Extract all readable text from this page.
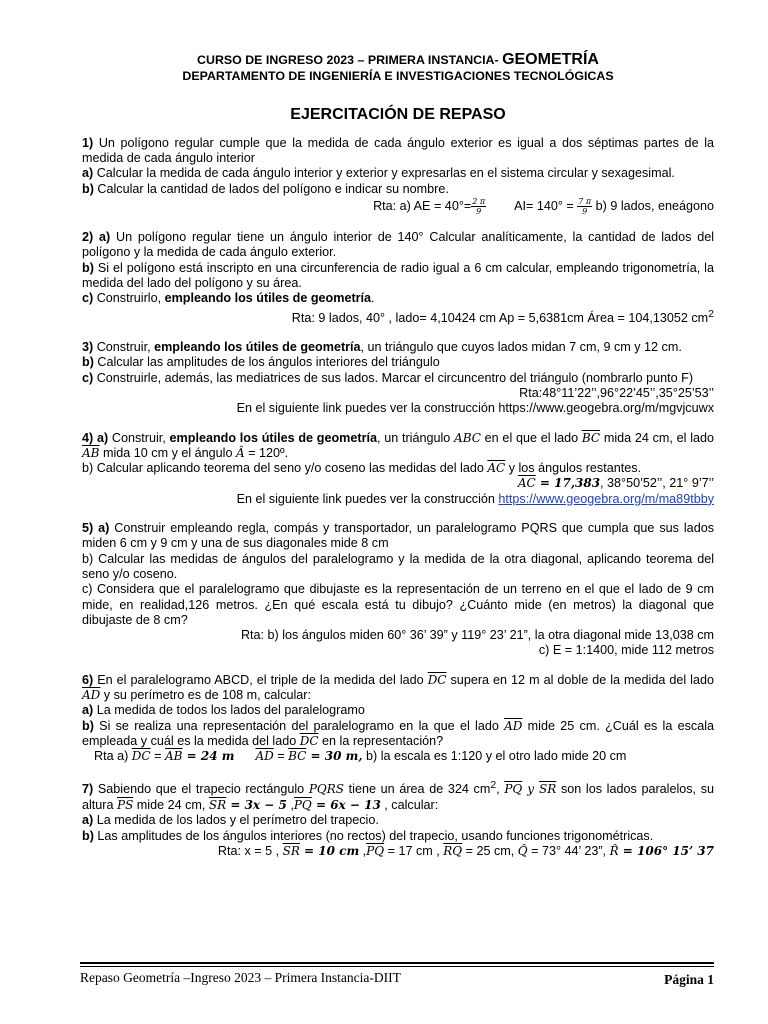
CURSO DE INGRESO 2023 – PRIMERA INSTANCIA- GEOMETRÍA
DEPARTAMENTO DE INGENIERÍA E INVESTIGACIONES TECNOLÓGICAS
EJERCITACIÓN DE REPASO

1) Un polígono regular cumple que la medida de cada ángulo exterior es igual a dos séptimas partes de la medida de cada ángulo interior

a) Calcular la medida de cada ángulo interior y exterior y expresarlas en el sistema circular y sexagesimal.

b) Calcular la cantidad de lados del polígono e indicar su nombre.

Rta: a) AE = $40^\circ= \frac{2 \pi}{9} AI= 140^\circ = \frac{7 \pi}{9} b$) 9 lados, eneágono

2) a) Un polígono regular tiene un ángulo interior de 140° Calcular analíticamente, la cantidad de lados del polígono y la medida de cada ángulo exterior.

b) Si el polígono está inscripto en una circunferencia de radio igual a 6 cm calcular, empleando trigonometría, la medida del lado del polígono y su área.

c) Construirlo, empleando los útiles de geometría.

Rta: 9 lados, 40° , lado= 4,10424 cm Ap = 5,6381cm Área = 104,13052 $cm^2$

3) Construir, empleando los útiles de geometría, un triángulo que cuyos lados midan 7 cm, 9 cm y 12 cm.

b) Calcular las amplitudes de los ángulos interiores del triángulo

c) Construirle, además, las mediatrices de sus lados. Marcar el circuncentro del triángulo (nombrarlo punto F)

Rta:48°11’22’’,96°22’45’’,35°25’53’’

En el siguiente link puedes ver la construcción https://www.geogebra.org/m/mgvjcuwx

4) a) Construir, empleando los útiles de geometría, un triángulo ABC en el que el lado $\overline{BC}$ mida 24 cm, el lado $\overline{AB}$ mida 10 cm y el ángulo Â = 120º.

b) Calcular aplicando teorema del seno y/o coseno las medidas del lado $\overline{AC}$ y los ángulos restantes.

$\overline{AC} = 17,383$, 38°50’52’’, 21° 9’7’’

En el siguiente link puedes ver la construcción https://www.geogebra.org/m/ma89tbby

5) a) Construir empleando regla, compás y transportador, un paralelogramo PQRS que cumpla que sus lados miden 6 cm y 9 cm y una de sus diagonales mide 8 cm

b) Calcular las medidas de ángulos del paralelogramo y la medida de la otra diagonal, aplicando teorema del seno y/o coseno.

c) Considera que el paralelogramo que dibujaste es la representación de un terreno en el que el lado de 9 cm mide, en realidad,126 metros. ¿En qué escala está tu dibujo? ¿Cuánto mide (en metros) la diagonal que dibujaste de 8 cm?

Rta: b) los ángulos miden 60° 36’ 39” y 119° 23’ 21”, la otra diagonal mide 13,038 cm

c) E = 1:1400, mide 112 metros

6) En el paralelogramo ABCD, el triple de la medida del lado $\overline{DC}$ supera en 12 m al doble de la medida del lado $\overline{AD}$ y su perímetro es de 108 m, calcular:

a) La medida de todos los lados del paralelogramo

b) Si se realiza una representación del paralelogramo en la que el lado $\overline{AD}$ mide 25 cm. ¿Cuál es la escala empleada y cuál es la medida del lado $\overline{DC}$ en la representación?

Rta a) $\overline{DC} = \overline{AB} = 24$ m $\overline{AD} = \overline{BC} = 30$ m, b) la escala es 1:120 y el otro lado mide 20 cm

7) Sabiendo que el trapecio rectángulo PQRS tiene un área de 324 $cm^2$, $\overline{PQ}$ y $\overline{SR}$ son los lados paralelos, su altura $\overline{PS}$ mide 24 cm, $\overline{SR} = 3x - 5$ $,\overline{PQ} = 6x - 13$ , calcular:

a) La medida de los lados y el perímetro del trapecio.

b) Las amplitudes de los ángulos interiores (no rectos) del trapecio, usando funciones trigonométricas.

Rta: x = 5 , $\overline{SR} = 10$ cm $,\overline{PQ} = 17$ cm , $\overline{RQ} = 25$ cm, Q̂ = 73° 44’ 23”, R̂ = 106° 15’ 37

Repaso Geometría –Ingreso 2023 – Primera Instancia-DIIT	Página 1
